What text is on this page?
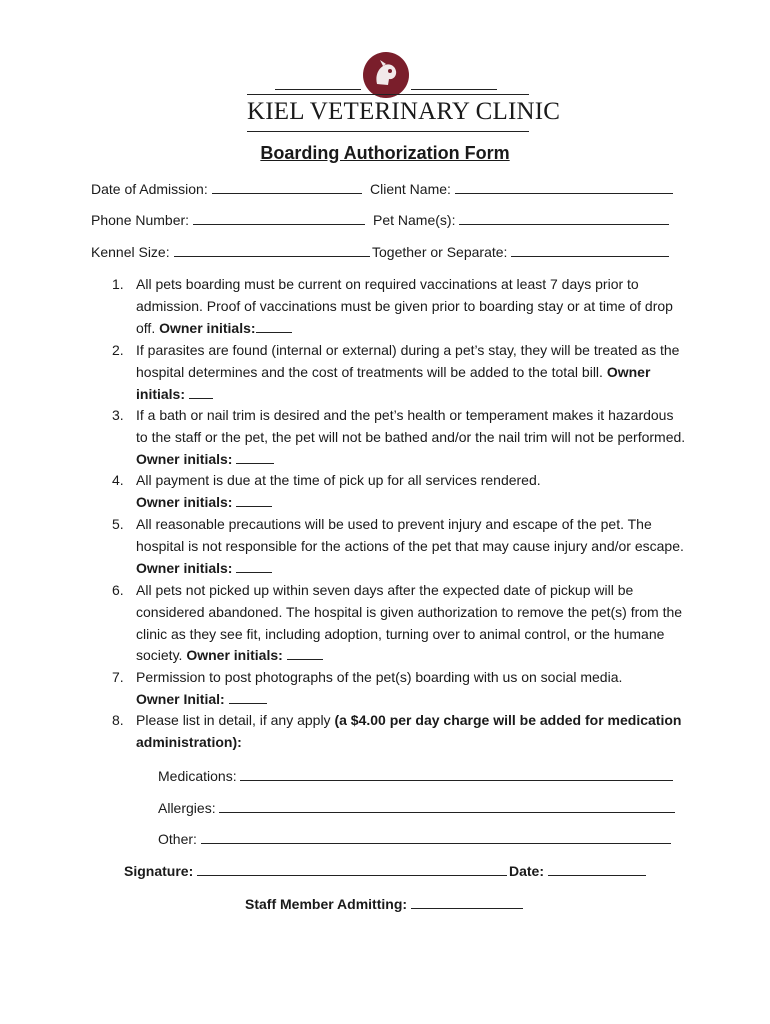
KIEL VETERINARY CLINIC
Boarding Authorization Form
Date of Admission:	Client Name:
Phone Number:	Pet Name(s):
Kennel Size:	Together or Separate:
1. All pets boarding must be current on required vaccinations at least 7 days prior to admission. Proof of vaccinations must be given prior to boarding stay or at time of drop off. Owner initials:
2. If parasites are found (internal or external) during a pet’s stay, they will be treated as the hospital determines and the cost of treatments will be added to the total bill. Owner initials:
3. If a bath or nail trim is desired and the pet’s health or temperament makes it hazardous to the staff or the pet, the pet will not be bathed and/or the nail trim will not be performed. Owner initials:
4. All payment is due at the time of pick up for all services rendered.
Owner initials:
5. All reasonable precautions will be used to prevent injury and escape of the pet. The hospital is not responsible for the actions of the pet that may cause injury and/or escape. Owner initials:
6. All pets not picked up within seven days after the expected date of pickup will be considered abandoned. The hospital is given authorization to remove the pet(s) from the clinic as they see fit, including adoption, turning over to animal control, or the humane society. Owner initials:
7. Permission to post photographs of the pet(s) boarding with us on social media.
Owner Initial:
8. Please list in detail, if any apply (a $4.00 per day charge will be added for medication administration):
Medications:
Allergies:
Other:
Signature:	Date:
Staff Member Admitting:
